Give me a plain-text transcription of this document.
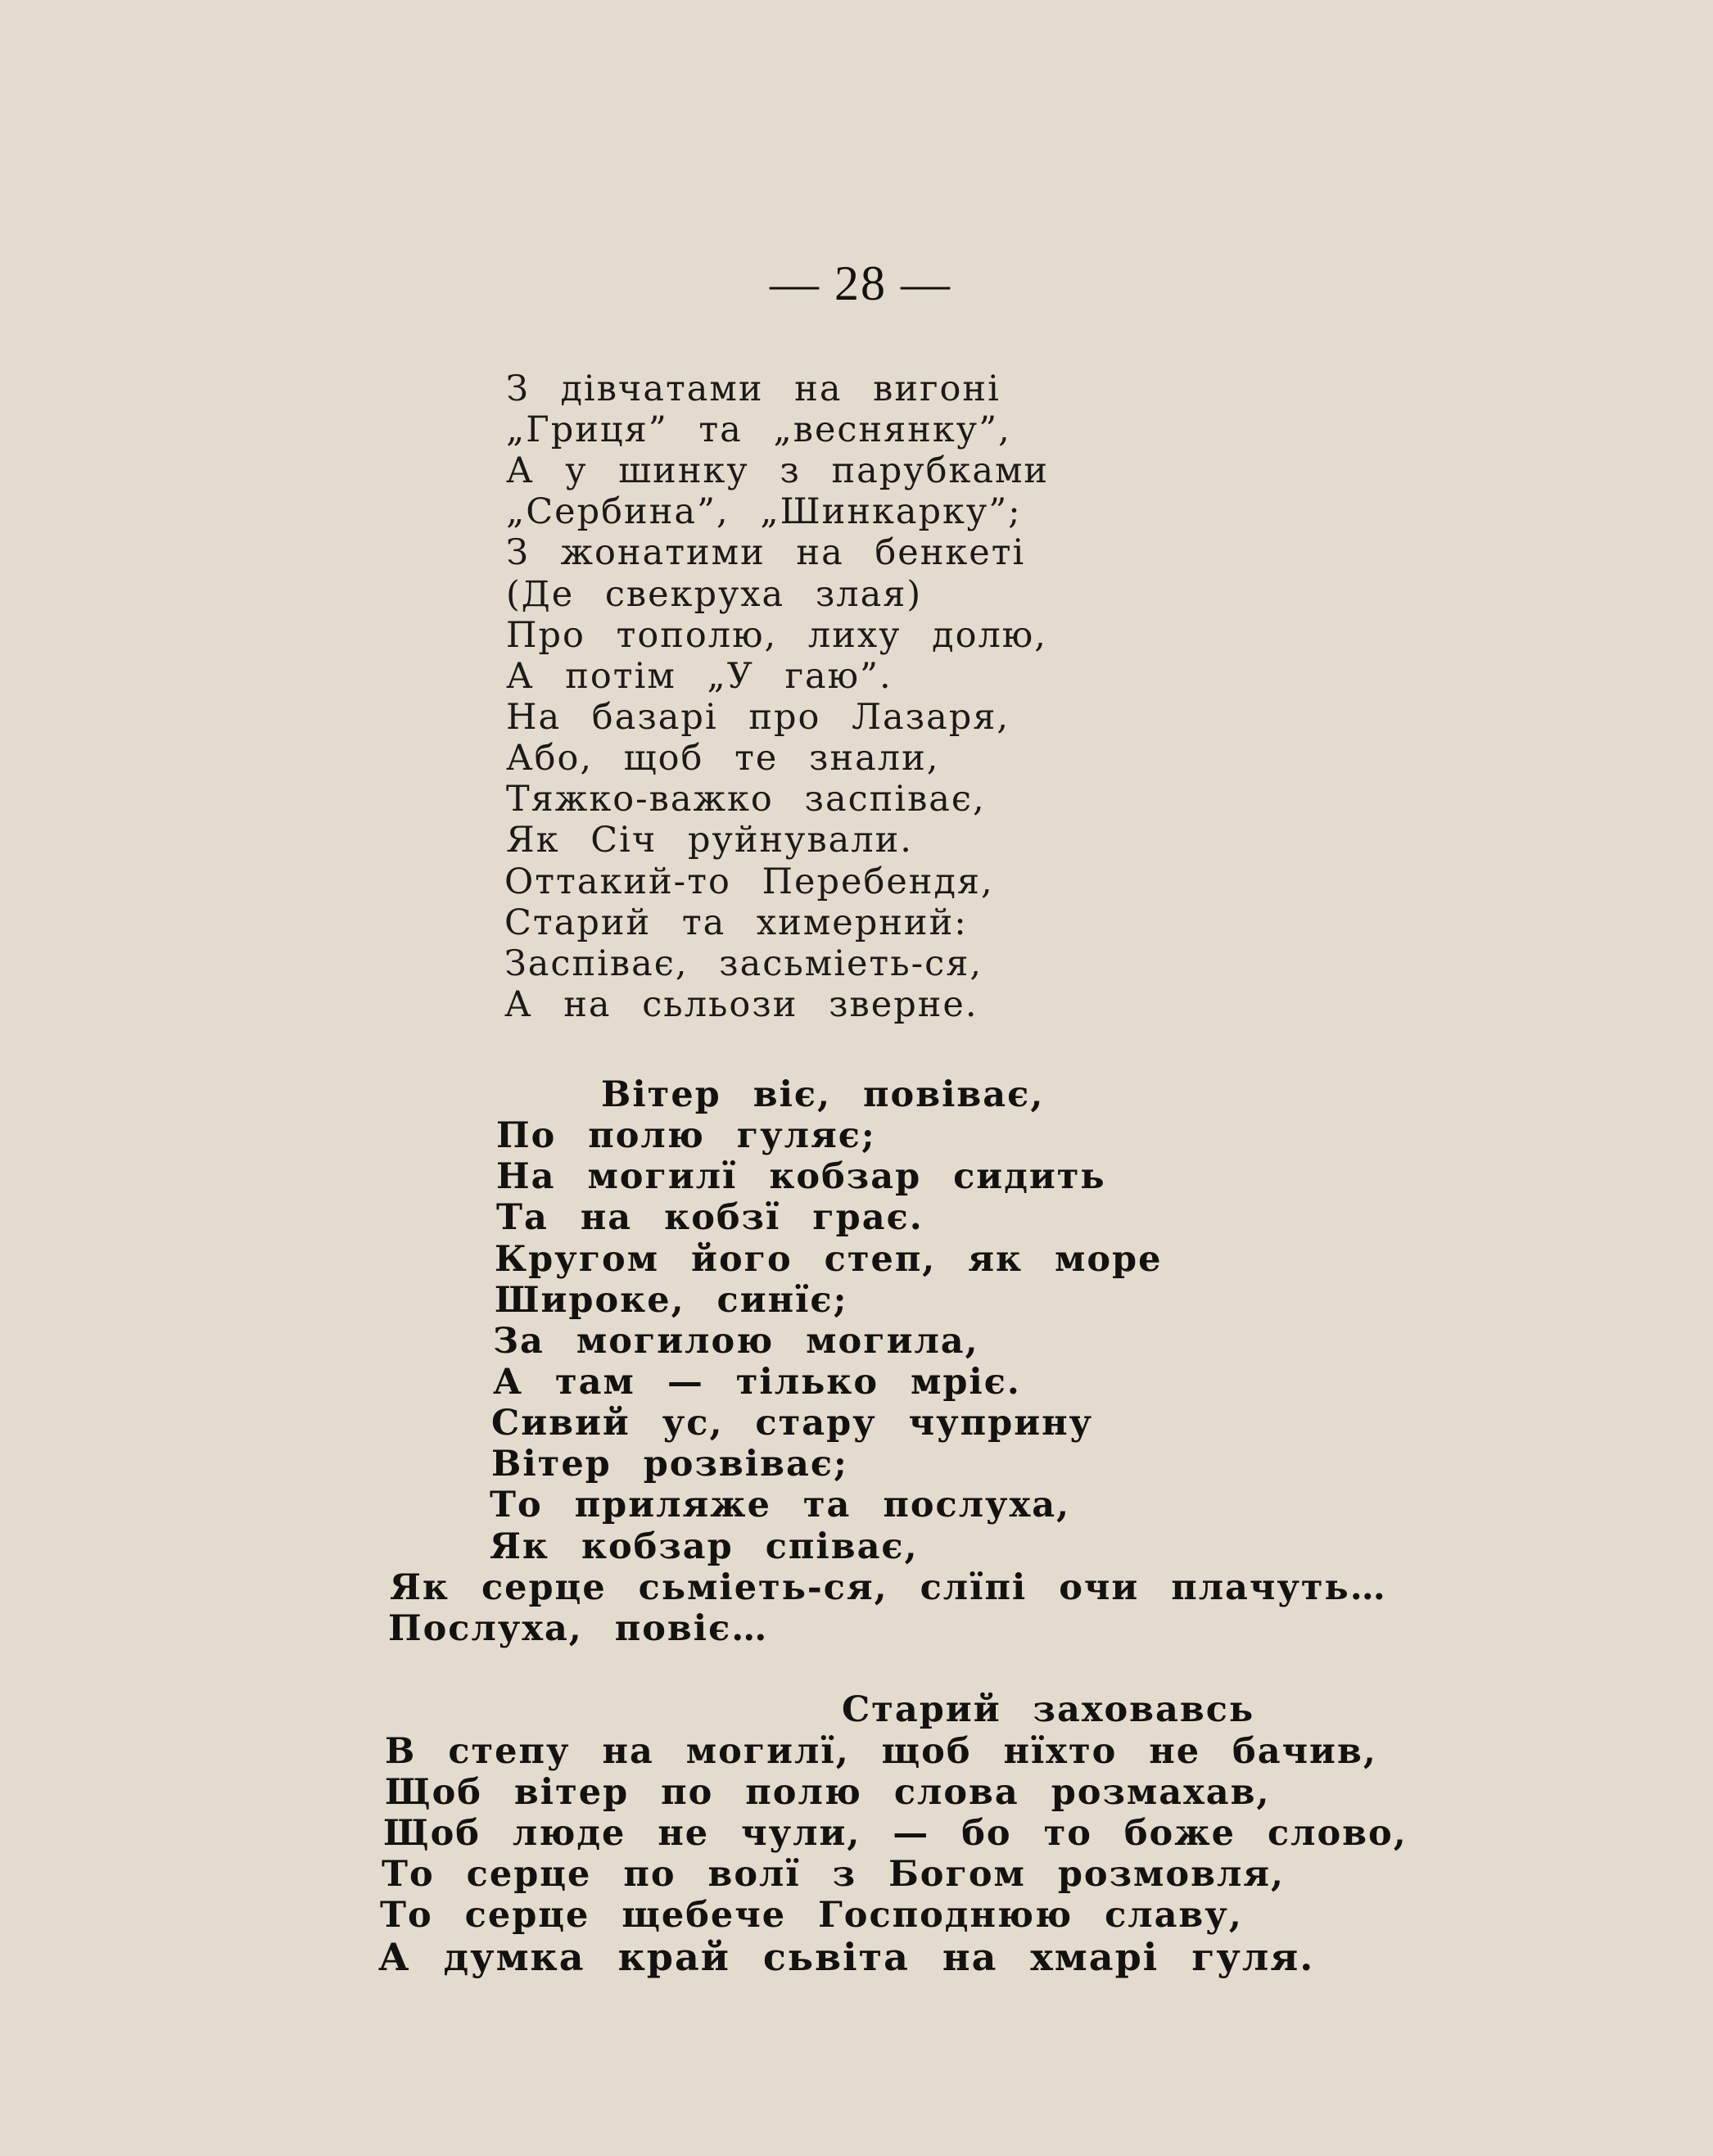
— 28 —
З дівчатами на вигоні
„Гриця” та „веснянку”,
А у шинку з парубками
„Сербина”, „Шинкарку”;
З жонатими на бенкеті
(Де свекруха злая)
Про тополю, лиху долю,
А потім „У гаю”.
На базарі про Лазаря,
Або, щоб те знали,
Тяжко-важко заспіває,
Як Січ руйнували.
Оттакий-то Перебендя,
Старий та химерний:
Заспіває, засьміеть-ся,
А на сьльози зверне.
Вітер віє, повіває,
По полю гуляє;
На могилї кобзар сидить
Та на кобзї грає.
Кругом його степ, як море
Широке, синїє;
За могилою могила,
А там — тілько мріє.
Сивий ус, стару чуприну
Вітер розвіває;
То приляже та послуха,
Як кобзар співає,
Як серце сьміеть-ся, слїпі очи плачуть…
Послуха, повіє…
Старий заховавсь
В степу на могилї, щоб нїхто не бачив,
Щоб вітер по полю слова розмахав,
Щоб люде не чули, — бо то боже слово,
То серце по волї з Богом розмовля,
То серце щебече Господнюю славу,
А думка край сьвіта на хмарі гуля.
